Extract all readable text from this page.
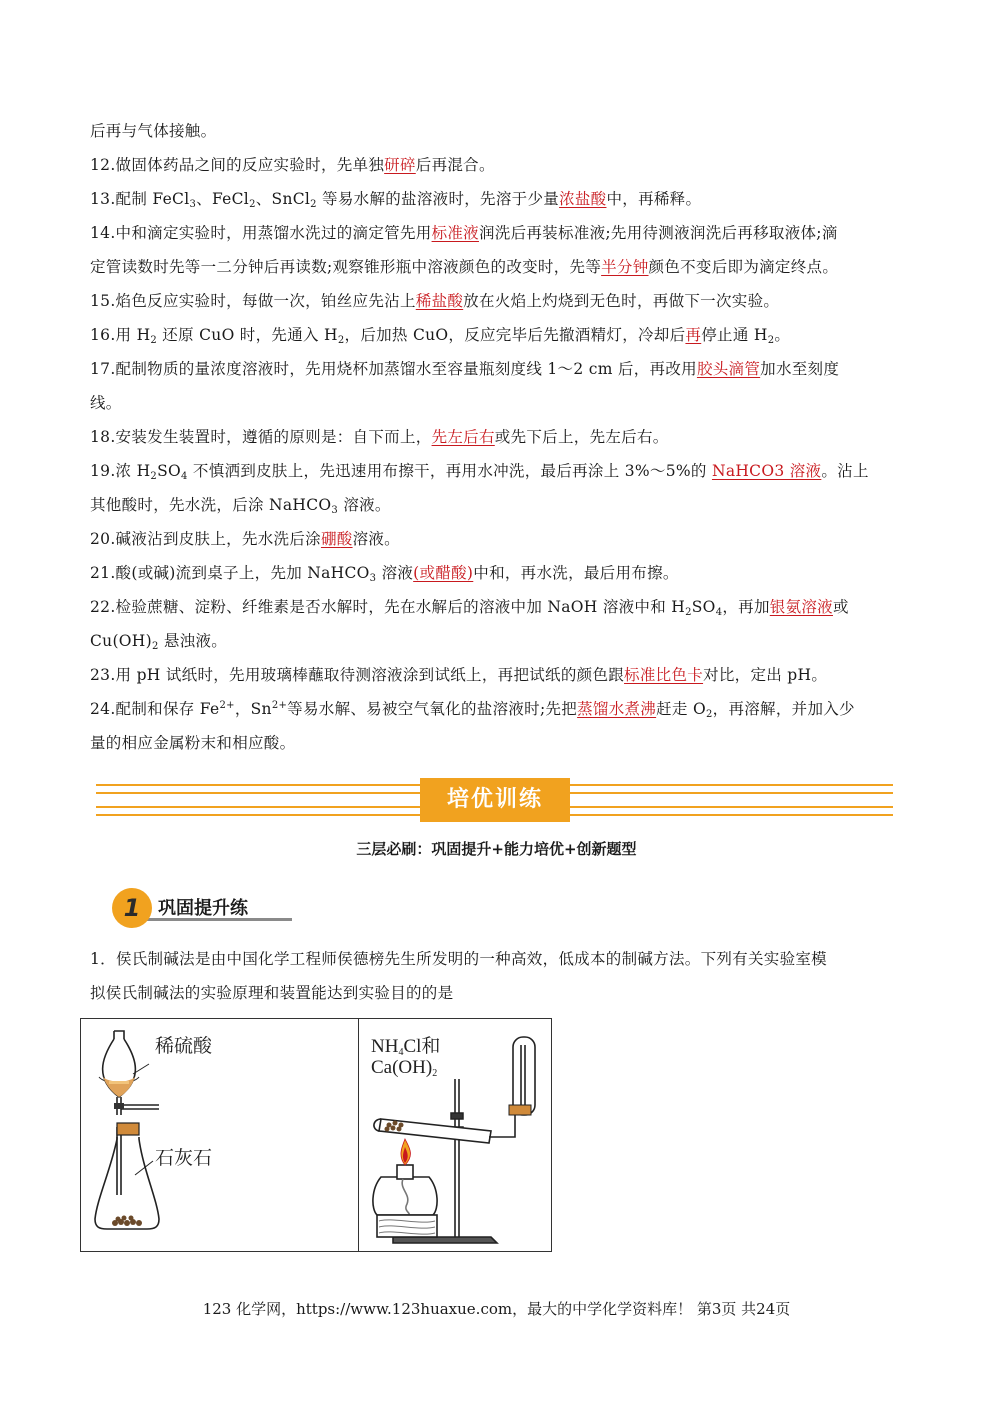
后再与气体接触。
12.做固体药品之间的反应实验时，先单独研碎后再混合。
13.配制 FeCl$_3$、FeCl$_2$、SnCl$_2$ 等易水解的盐溶液时，先溶于少量浓盐酸中，再稀释。
14.中和滴定实验时，用蒸馏水洗过的滴定管先用标准液润洗后再装标准液;先用待测液润洗后再移取液体;滴
定管读数时先等一二分钟后再读数;观察锥形瓶中溶液颜色的改变时，先等半分钟颜色不变后即为滴定终点。
15.焰色反应实验时，每做一次，铂丝应先沾上稀盐酸放在火焰上灼烧到无色时，再做下一次实验。
16.用 $H_2$ 还原 CuO 时，先通入 $H_2$，后加热 CuO，反应完毕后先撤酒精灯，冷却后再停止通 $H_2$。
17.配制物质的量浓度溶液时，先用烧杯加蒸馏水至容量瓶刻度线 1～2 cm 后，再改用胶头滴管加水至刻度
线。
18.安装发生装置时，遵循的原则是：自下而上，先左后右或先下后上，先左后右。
19.浓 $H_2SO_4$ 不慎洒到皮肤上，先迅速用布擦干，再用水冲洗，最后再涂上 3%～5%的 NaHCO3 溶液。沾上
其他酸时，先水洗，后涂 NaHCO$_3$ 溶液。
20.碱液沾到皮肤上，先水洗后涂硼酸溶液。
21.酸(或碱)流到桌子上，先加 NaHCO$_3$ 溶液(或醋酸)中和，再水洗，最后用布擦。
22.检验蔗糖、淀粉、纤维素是否水解时，先在水解后的溶液中加 NaOH 溶液中和 $H_2SO_4$，再加银氨溶液或
$Cu(OH)_2$ 悬浊液。
23.用 pH 试纸时，先用玻璃棒蘸取待测溶液涂到试纸上，再把试纸的颜色跟标准比色卡对比，定出 pH。
24.配制和保存 $Fe^{2+}$，$Sn^{2+}$等易水解、易被空气氧化的盐溶液时;先把蒸馏水煮沸赶走 $O_2$，再溶解，并加入少
量的相应金属粉末和相应酸。
培优训练
三层必刷：巩固提升+能力培优+创新题型
1 巩固提升练
1．侯氏制碱法是由中国化学工程师侯德榜先生所发明的一种高效，低成本的制碱方法。下列有关实验室模
拟侯氏制碱法的实验原理和装置能达到实验目的的是
稀硫酸
石灰石
$NH_4Cl$和
$Ca(OH)_2$
123 化学网，https://www.123huaxue.com，最大的中学化学资料库！ 第3页 共24页
